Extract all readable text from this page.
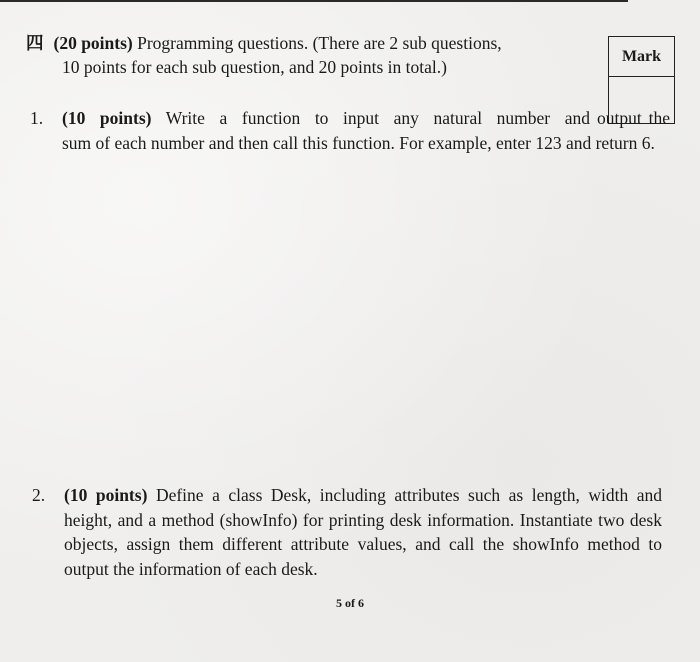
四 (20 points) Programming questions. (There are 2 sub questions,
10 points for each sub question, and 20 points in total.)
Mark
1.	(10 points) Write a function to input any natural number and output the sum of each number and then call this function. For example, enter 123 and return 6.
2.	(10 points) Define a class Desk, including attributes such as length, width and height, and a method (showInfo) for printing desk information. Instantiate two desk objects, assign them different attribute values, and call the showInfo method to output the information of each desk.
5 of 6
